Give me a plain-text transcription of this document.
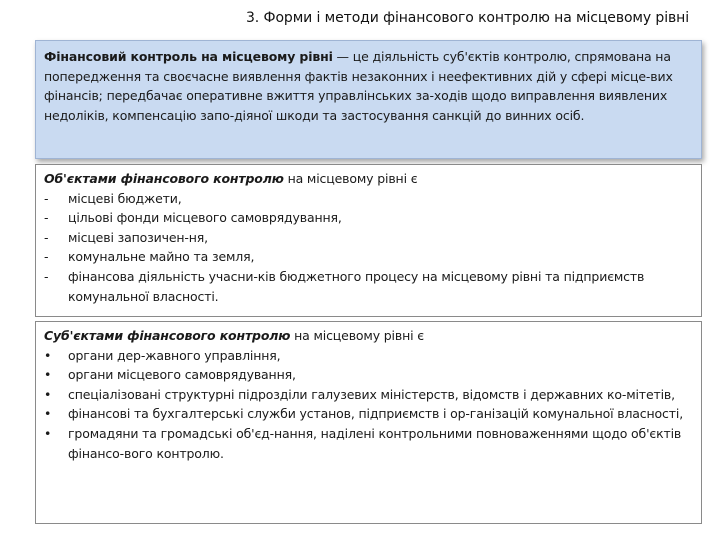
3. Форми і методи фінансового контролю на місцевому рівні
Фінансовий контроль на місцевому рівні — це діяльність суб'єктів контролю, спрямована на попередження та своєчасне виявлення фактів незаконних і неефективних дій у сфері місце-вих фінансів; передбачає оперативне вжиття управлінських за-ходів щодо виправлення виявлених недоліків, компенсацію запо-діяної шкоди та застосування санкцій до винних осіб.
Об'єктами фінансового контролю на місцевому рівні є
-	місцеві бюджети,
-	цільові фонди місцевого самоврядування,
-	місцеві запозичен-ня,
-	комунальне майно та земля,
-	фінансова діяльність учасни-ків бюджетного процесу на місцевому рівні та підприємств комунальної власності.
Суб'єктами фінансового контролю на місцевому рівні є
•	органи дер-жавного управління,
•	органи місцевого самоврядування,
•	спеціалізовані структурні підрозділи галузевих міністерств, відомств і державних ко-мітетів,
•	фінансові та бухгалтерські служби установ, підприємств і ор-ганізацій комунальної власності,
•	громадяни та громадські об'єд-нання, наділені контрольними повноваженнями щодо об'єктів фінансо-вого контролю.
